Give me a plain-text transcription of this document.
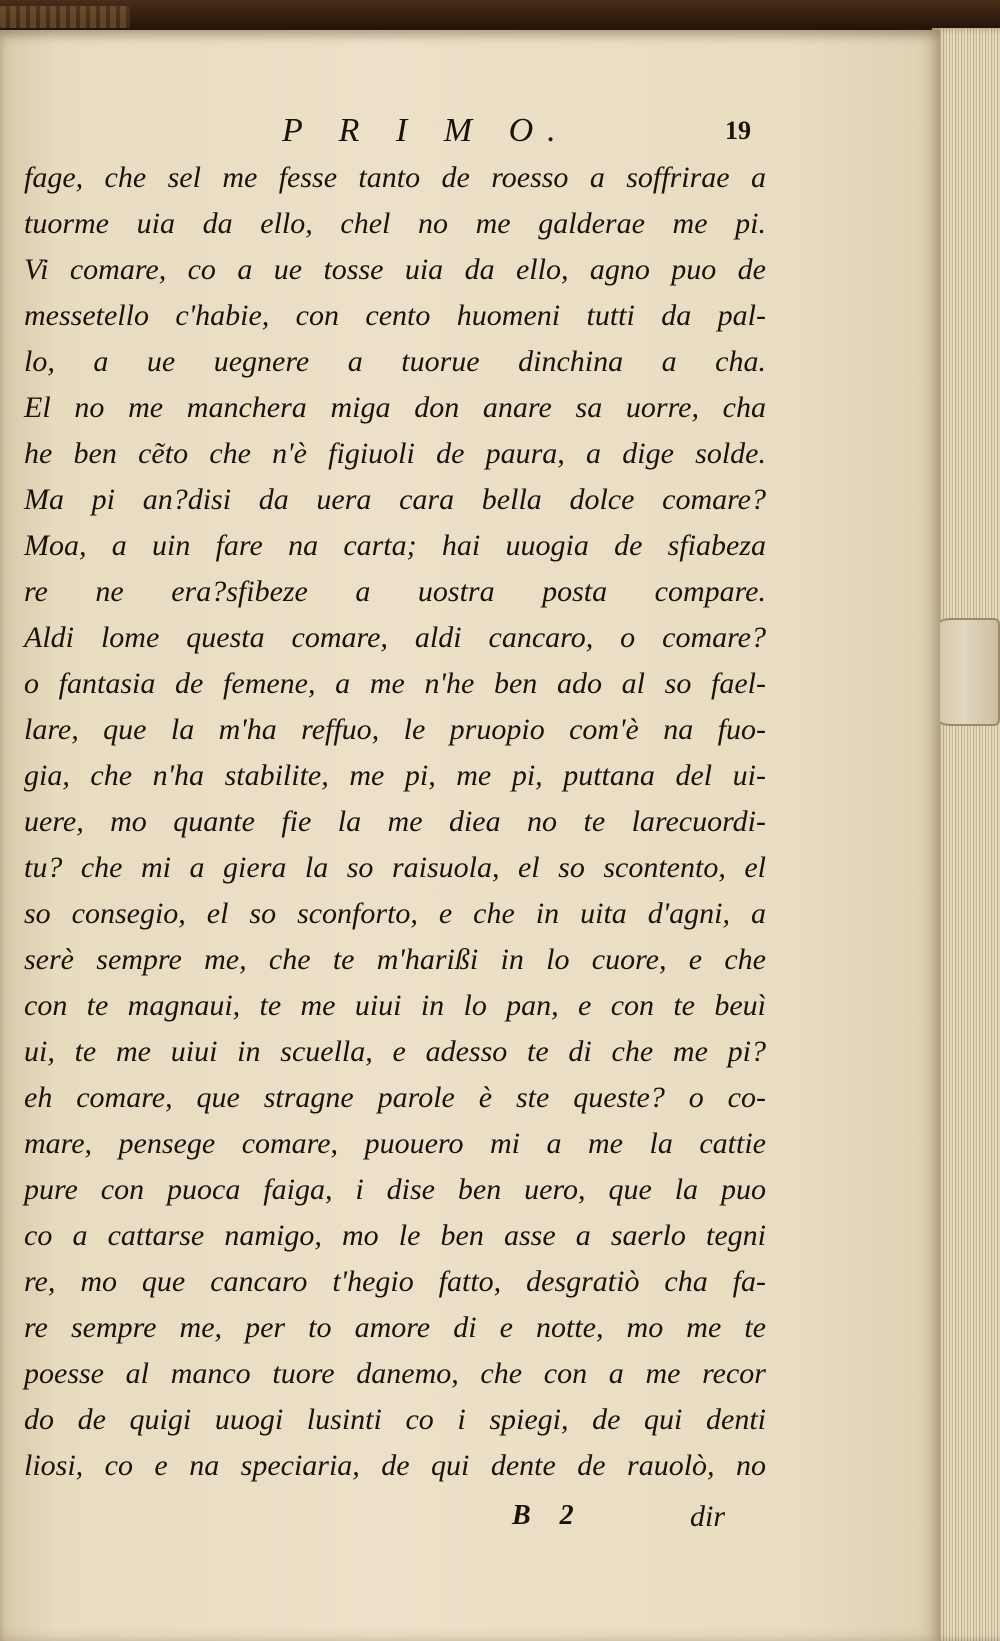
P R I M O.	19
fage, che sel me fesse tanto de roesso a soffrirae a
tuorme uia da ello, chel no me galderae me pi.
Vi comare, co a ue tosse uia da ello, agno puo de
messetello c'habie, con cento huomeni tutti da pal-
lo, a ue uegnere a tuorue dinchina a cha.
El no me manchera miga don anare sa uorre, cha
he ben cẽto che n'è figiuoli de paura, a dige solde.
Ma pi an?disi da uera cara bella dolce comare?
Moa, a uin fare na carta; hai uuogia de sfiabeza
re ne era?sfibeze a uostra posta compare.
Aldi lome questa comare, aldi cancaro, o comare?
o fantasia de femene, a me n'he ben ado al so fael-
lare, que la m'ha reffuo, le pruopio com'è na fuo-
gia, che n'ha stabilite, me pi, me pi, puttana del ui-
uere, mo quante fie la me diea no te larecuordi-
tu? che mi a giera la so raisuola, el so scontento, el
so consegio, el so sconforto, e che in uita d'agni, a
serè sempre me, che te m'harißi in lo cuore, e che
con te magnaui, te me uiui in lo pan, e con te beuì
ui, te me uiui in scuella, e adesso te di che me pi?
eh comare, que stragne parole è ste queste? o co-
mare, pensege comare, puouero mi a me la cattie
pure con puoca faiga, i dise ben uero, que la puo
co a cattarse namigo, mo le ben asse a saerlo tegni
re, mo que cancaro t'hegio fatto, desgratiò cha fa-
re sempre me, per to amore di e notte, mo me te
poesse al manco tuore danemo, che con a me recor
do de quigi uuogi lusinti co i spiegi, de qui denti
liosi, co e na speciaria, de qui dente de rauolò, no
B 2	dir
